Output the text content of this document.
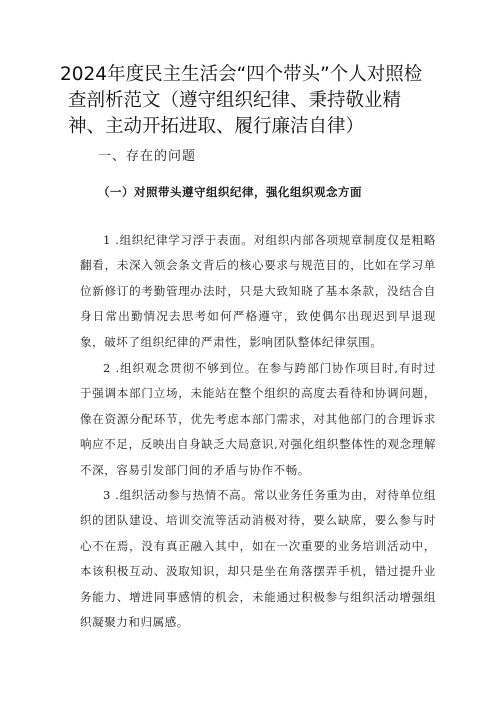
2024年度民主生活会“四个带头”个人对照检

查剖析范文（遵守组织纪律、秉持敬业精
神、主动开拓进取、履行廉洁自律）
一、存在的问题
（一）对照带头遵守组织纪律，强化组织观念方面

1 .组织纪律学习浮于表面。对组织内部各项规章制度仅是粗略翻看，未深入领会条文背后的核心要求与规范目的，比如在学习单位新修订的考勤管理办法时，只是大致知晓了基本条款，没结合自身日常出勤情况去思考如何严格遵守，致使偶尔出现迟到早退现象，破坏了组织纪律的严肃性，影响团队整体纪律氛围。

2 .组织观念贯彻不够到位。在参与跨部门协作项目时,有时过于强调本部门立场，未能站在整个组织的高度去看待和协调问题，像在资源分配环节，优先考虑本部门需求，对其他部门的合理诉求响应不足，反映出自身缺乏大局意识,对强化组织整体性的观念理解不深，容易引发部门间的矛盾与协作不畅。

3 .组织活动参与热情不高。常以业务任务重为由，对待单位组织的团队建设、培训交流等活动消极对待，要么缺席，要么参与时心不在焉，没有真正融入其中，如在一次重要的业务培训活动中，本该积极互动、汲取知识，却只是坐在角落摆弄手机，错过提升业务能力、增进同事感情的机会，未能通过积极参与组织活动增强组织凝聚力和归属感。
